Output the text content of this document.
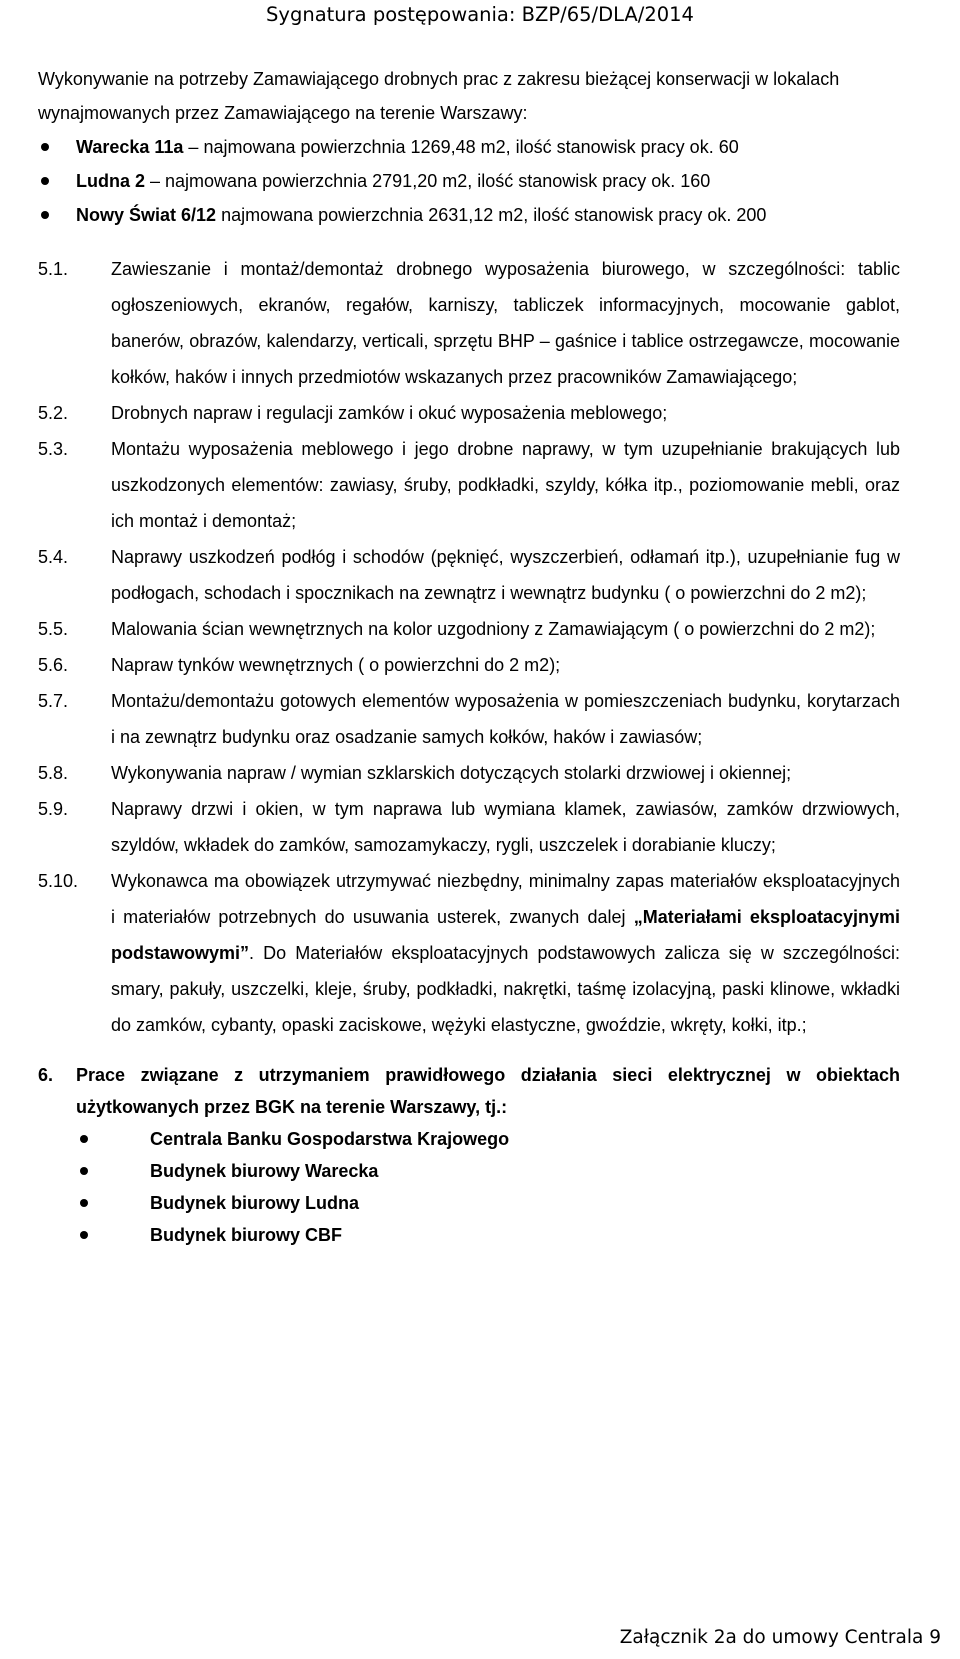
Sygnatura postępowania: BZP/65/DLA/2014

Wykonywanie na potrzeby Zamawiającego drobnych prac z zakresu bieżącej konserwacji w lokalach wynajmowanych przez Zamawiającego na terenie Warszawy:

Warecka 11a – najmowana powierzchnia 1269,48 m2, ilość stanowisk pracy ok. 60
Ludna 2 – najmowana powierzchnia 2791,20 m2, ilość stanowisk pracy ok. 160
Nowy Świat 6/12 najmowana powierzchnia 2631,12 m2, ilość stanowisk pracy ok. 200
5.1.	Zawieszanie i montaż/demontaż drobnego wyposażenia biurowego, w szczególności: tablic ogłoszeniowych, ekranów, regałów, karniszy, tabliczek informacyjnych, mocowanie gablot, banerów, obrazów, kalendarzy, verticali, sprzętu BHP – gaśnice i tablice ostrzegawcze, mocowanie kołków, haków i innych przedmiotów wskazanych przez pracowników Zamawiającego;
5.2.	Drobnych napraw i regulacji zamków i okuć wyposażenia meblowego;
5.3.	Montażu wyposażenia meblowego i jego drobne naprawy, w tym uzupełnianie brakujących lub uszkodzonych elementów: zawiasy, śruby, podkładki, szyldy, kółka itp., poziomowanie mebli, oraz ich montaż i demontaż;
5.4.	Naprawy uszkodzeń podłóg i schodów (pęknięć, wyszczerbień, odłamań itp.), uzupełnianie fug w podłogach, schodach i spocznikach na zewnątrz i wewnątrz budynku ( o powierzchni do 2 m2);
5.5.	Malowania ścian wewnętrznych na kolor uzgodniony z Zamawiającym ( o powierzchni do 2 m2);
5.6.	Napraw tynków wewnętrznych ( o powierzchni do 2 m2);
5.7.	Montażu/demontażu gotowych elementów wyposażenia w pomieszczeniach budynku, korytarzach i na zewnątrz budynku oraz osadzanie samych kołków, haków i zawiasów;
5.8.	Wykonywania napraw / wymian szklarskich dotyczących stolarki drzwiowej i okiennej;
5.9.	Naprawy drzwi i okien, w tym naprawa lub wymiana klamek, zawiasów, zamków drzwiowych, szyldów, wkładek do zamków, samozamykaczy, rygli, uszczelek i dorabianie kluczy;
5.10.	Wykonawca ma obowiązek utrzymywać niezbędny, minimalny zapas materiałów eksploatacyjnych i materiałów potrzebnych do usuwania usterek, zwanych dalej „Materiałami eksploatacyjnymi podstawowymi”. Do Materiałów eksploatacyjnych podstawowych zalicza się w szczególności: smary, pakuły, uszczelki, kleje, śruby, podkładki, nakrętki, taśmę izolacyjną, paski klinowe, wkładki do zamków, cybanty, opaski zaciskowe, wężyki elastyczne, gwoździe, wkręty, kołki, itp.;
6.	Prace związane z utrzymaniem prawidłowego działania sieci elektrycznej w obiektach użytkowanych przez BGK na terenie Warszawy, tj.:
Centrala Banku Gospodarstwa Krajowego
Budynek biurowy Warecka
Budynek biurowy Ludna
Budynek biurowy CBF
Załącznik 2a do umowy Centrala 9
